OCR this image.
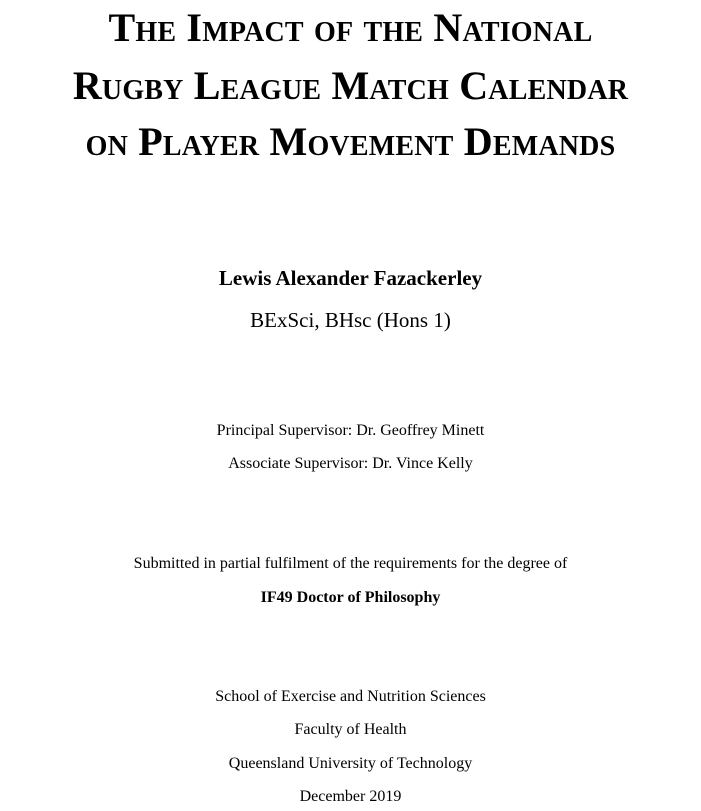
The Impact of the National
Rugby League Match Calendar
on Player Movement Demands
Lewis Alexander Fazackerley
BExSci, BHsc (Hons 1)
Principal Supervisor: Dr. Geoffrey Minett
Associate Supervisor: Dr. Vince Kelly
Submitted in partial fulfilment of the requirements for the degree of
IF49 Doctor of Philosophy
School of Exercise and Nutrition Sciences
Faculty of Health
Queensland University of Technology
December 2019
